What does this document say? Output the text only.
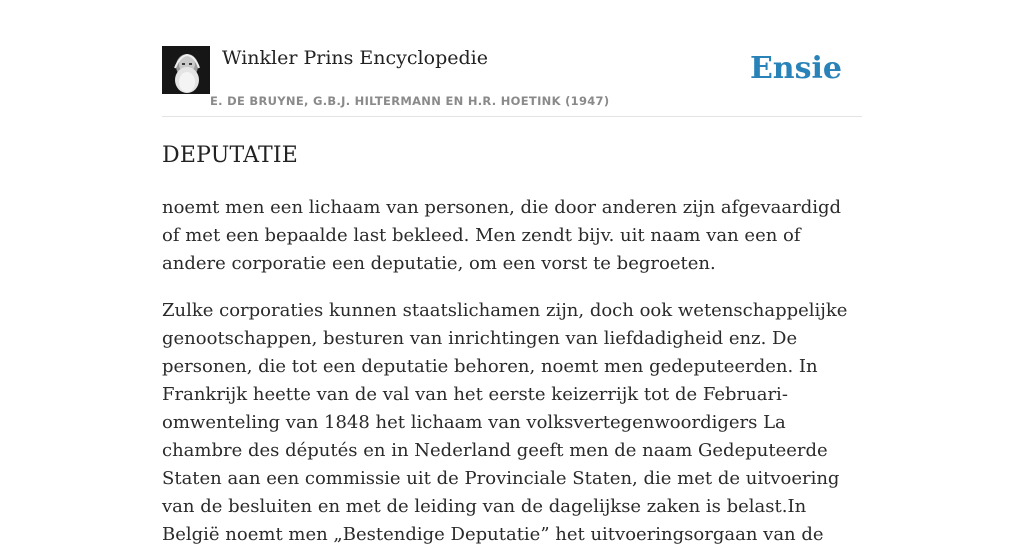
Winkler Prins Encyclopedie
E. DE BRUYNE, G.B.J. HILTERMANN EN H.R. HOETINK (1947)
Ensie
DEPUTATIE

noemt men een lichaam van personen, die door anderen zijn afgevaardigd of met een bepaalde last bekleed. Men zendt bijv. uit naam van een of andere corporatie een deputatie, om een vorst te begroeten.

Zulke corporaties kunnen staatslichamen zijn, doch ook wetenschappelijke genootschappen, besturen van inrichtingen van liefdadigheid enz. De personen, die tot een deputatie behoren, noemt men gedeputeerden. In Frankrijk heette van de val van het eerste keizerrijk tot de Februari-omwenteling van 1848 het lichaam van volksvertegenwoordigers La chambre des députés en in Nederland geeft men de naam Gedeputeerde Staten aan een commissie uit de Provinciale Staten, die met de uitvoering van de besluiten en met de leiding van de dagelijkse zaken is belast.In België noemt men „Bestendige Deputatie” het uitvoeringsorgaan van de
